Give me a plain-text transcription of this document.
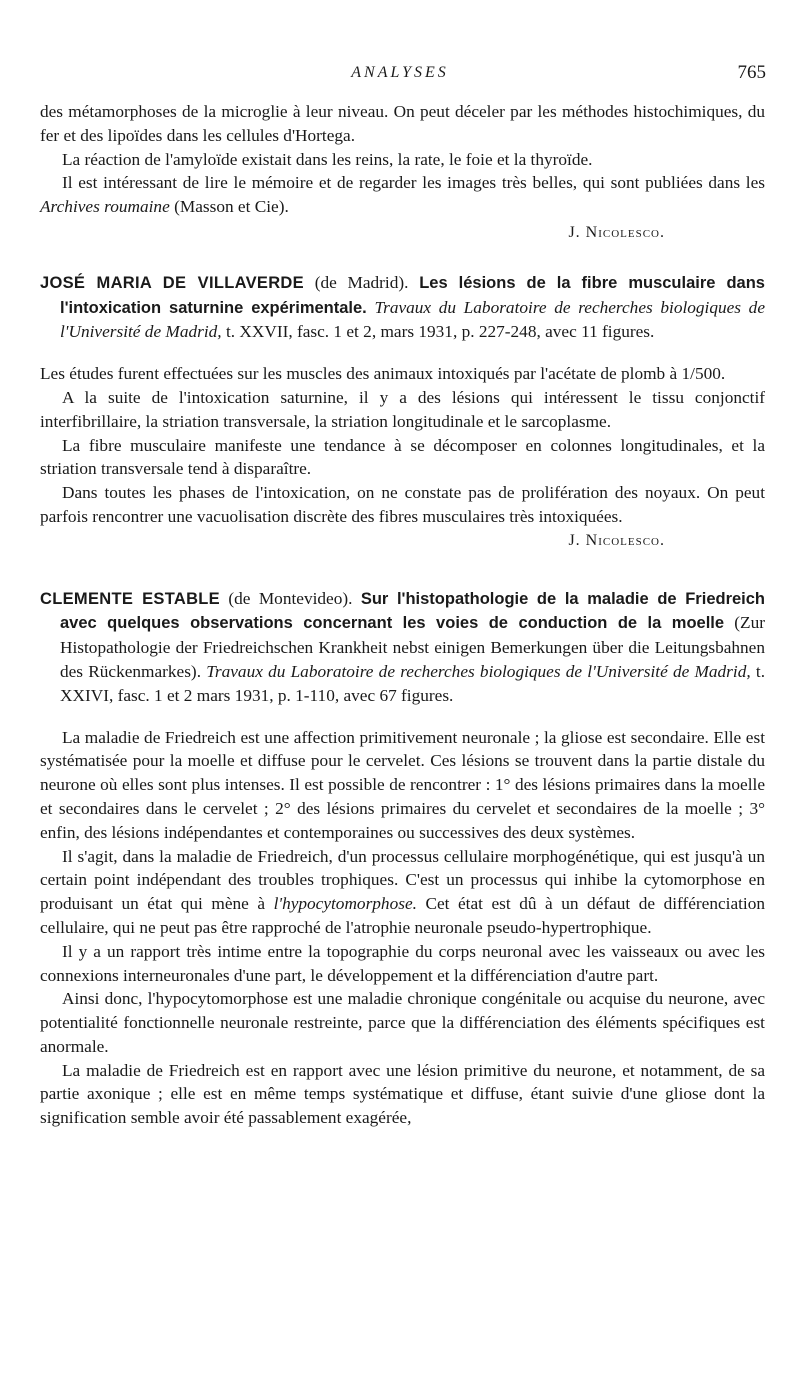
ANALYSES	765

des métamorphoses de la microglie à leur niveau. On peut déceler par les méthodes histochimiques, du fer et des lipoïdes dans les cellules d'Hortega.

La réaction de l'amyloïde existait dans les reins, la rate, le foie et la thyroïde.

Il est intéressant de lire le mémoire et de regarder les images très belles, qui sont publiées dans les Archives roumaine (Masson et Cie).

J. Nicolesco.

JOSÉ MARIA DE VILLAVERDE (de Madrid). Les lésions de la fibre musculaire dans l'intoxication saturnine expérimentale. Travaux du Laboratoire de recherches biologiques de l'Université de Madrid, t. XXVII, fasc. 1 et 2, mars 1931, p. 227-248, avec 11 figures.

Les études furent effectuées sur les muscles des animaux intoxiqués par l'acétate de plomb à 1/500.

A la suite de l'intoxication saturnine, il y a des lésions qui intéressent le tissu conjonctif interfibrillaire, la striation transversale, la striation longitudinale et le sarcoplasme.

La fibre musculaire manifeste une tendance à se décomposer en colonnes longitudinales, et la striation transversale tend à disparaître.

Dans toutes les phases de l'intoxication, on ne constate pas de prolifération des noyaux. On peut parfois rencontrer une vacuolisation discrète des fibres musculaires très intoxiquées.

J. Nicolesco.

CLEMENTE ESTABLE (de Montevideo). Sur l'histopathologie de la maladie de Friedreich avec quelques observations concernant les voies de conduction de la moelle (Zur Histopathologie der Friedreichschen Krankheit nebst einigen Bemerkungen über die Leitungsbahnen des Rückenmarkes). Travaux du Laboratoire de recherches biologiques de l'Université de Madrid, t. XXIVI, fasc. 1 et 2 mars 1931, p. 1-110, avec 67 figures.

La maladie de Friedreich est une affection primitivement neuronale ; la gliose est secondaire. Elle est systématisée pour la moelle et diffuse pour le cervelet. Ces lésions se trouvent dans la partie distale du neurone où elles sont plus intenses. Il est possible de rencontrer : 1° des lésions primaires dans la moelle et secondaires dans le cervelet ; 2° des lésions primaires du cervelet et secondaires de la moelle ; 3° enfin, des lésions indépendantes et contemporaines ou successives des deux systèmes.

Il s'agit, dans la maladie de Friedreich, d'un processus cellulaire morphogénétique, qui est jusqu'à un certain point indépendant des troubles trophiques. C'est un processus qui inhibe la cytomorphose en produisant un état qui mène à l'hypocytomorphose. Cet état est dû à un défaut de différenciation cellulaire, qui ne peut pas être rapproché de l'atrophie neuronale pseudo-hypertrophique.

Il y a un rapport très intime entre la topographie du corps neuronal avec les vaisseaux ou avec les connexions interneuronales d'une part, le développement et la différenciation d'autre part.

Ainsi donc, l'hypocytomorphose est une maladie chronique congénitale ou acquise du neurone, avec potentialité fonctionnelle neuronale restreinte, parce que la différenciation des éléments spécifiques est anormale.

La maladie de Friedreich est en rapport avec une lésion primitive du neurone, et notamment, de sa partie axonique ; elle est en même temps systématique et diffuse, étant suivie d'une gliose dont la signification semble avoir été passablement exagérée,
